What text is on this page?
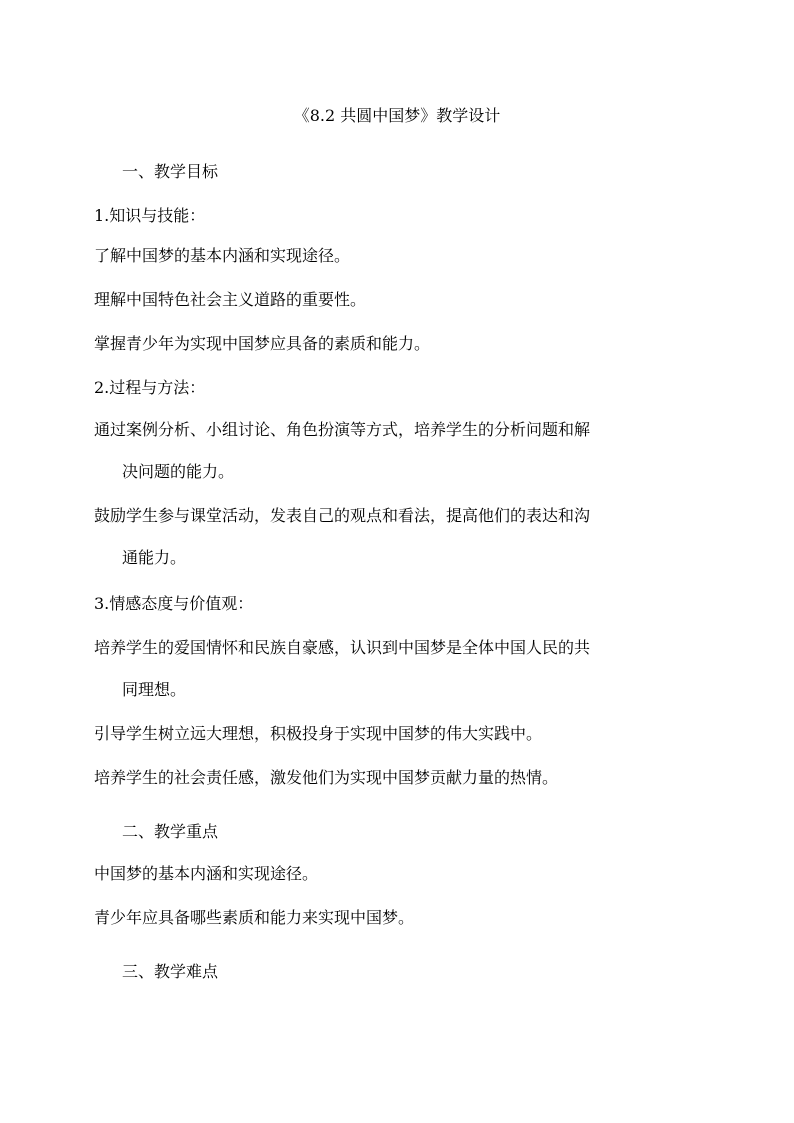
《8.2 共圆中国梦》教学设计
一、教学目标
1.知识与技能：
了解中国梦的基本内涵和实现途径。
理解中国特色社会主义道路的重要性。
掌握青少年为实现中国梦应具备的素质和能力。
2.过程与方法：
通过案例分析、小组讨论、角色扮演等方式，培养学生的分析问题和解
决问题的能力。
鼓励学生参与课堂活动，发表自己的观点和看法，提高他们的表达和沟
通能力。
3.情感态度与价值观：
培养学生的爱国情怀和民族自豪感，认识到中国梦是全体中国人民的共
同理想。
引导学生树立远大理想，积极投身于实现中国梦的伟大实践中。
培养学生的社会责任感，激发他们为实现中国梦贡献力量的热情。
二、教学重点
中国梦的基本内涵和实现途径。
青少年应具备哪些素质和能力来实现中国梦。
三、教学难点
